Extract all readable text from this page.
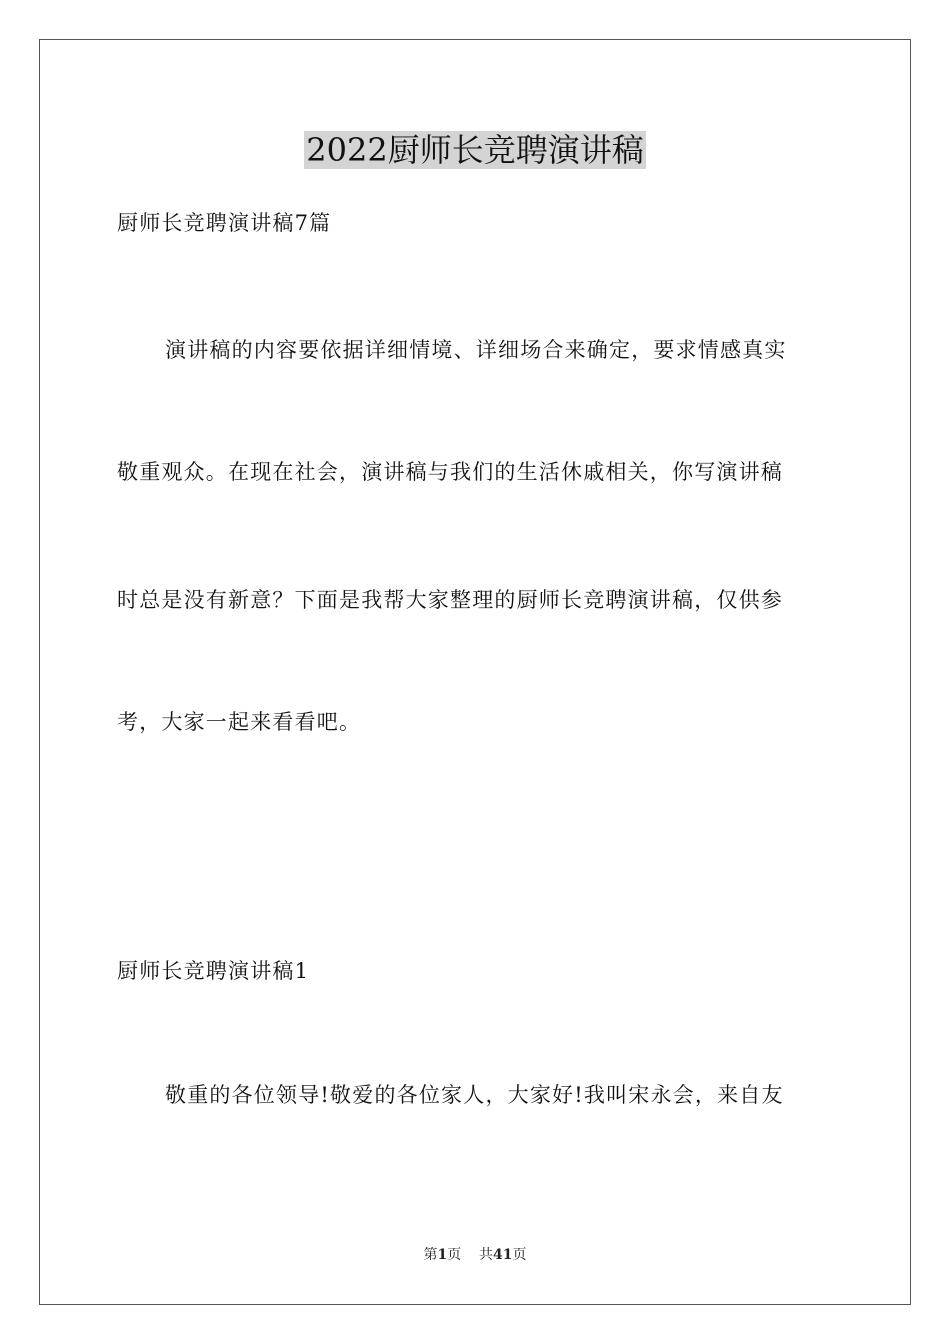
2022厨师长竞聘演讲稿
厨师长竞聘演讲稿7篇
演讲稿的内容要依据详细情境、详细场合来确定，要求情感真实
敬重观众。在现在社会，演讲稿与我们的生活休戚相关，你写演讲稿
时总是没有新意？下面是我帮大家整理的厨师长竞聘演讲稿，仅供参
考，大家一起来看看吧。
厨师长竞聘演讲稿1
敬重的各位领导!敬爱的各位家人，大家好!我叫宋永会，来自友
第1页 共41页
